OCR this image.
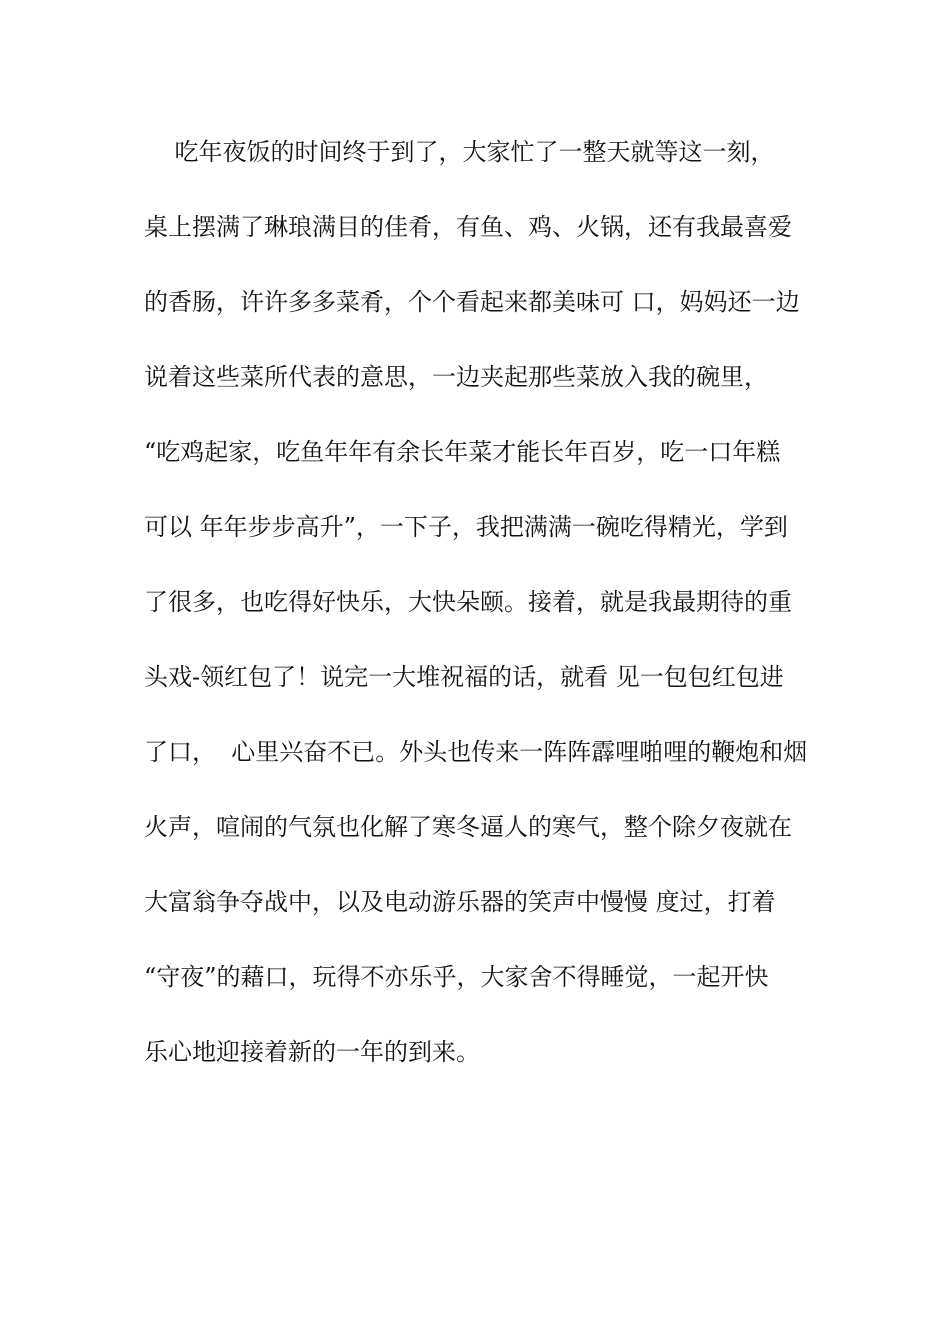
吃年夜饭的时间终于到了，大家忙了一整天就等这一刻，
桌上摆满了琳琅满目的佳肴，有鱼、鸡、火锅，还有我最喜爱
的香肠，许许多多菜肴，个个看起来都美味可 口，妈妈还一边
说着这些菜所代表的意思，一边夹起那些菜放入我的碗里，
“吃鸡起家，吃鱼年年有余长年菜才能长年百岁，吃一口年糕
可以 年年步步高升”，一下子，我把满满一碗吃得精光，学到
了很多，也吃得好快乐，大快朵颐。接着，就是我最期待的重
头戏-领红包了！说完一大堆祝福的话，就看 见一包包红包进
了口，  心里兴奋不已。外头也传来一阵阵霹哩啪哩的鞭炮和烟
火声，喧闹的气氛也化解了寒冬逼人的寒气，整个除夕夜就在
大富翁争夺战中，以及电动游乐器的笑声中慢慢 度过，打着
“守夜”的藉口，玩得不亦乐乎，大家舍不得睡觉，一起开快
乐心地迎接着新的一年的到来。
